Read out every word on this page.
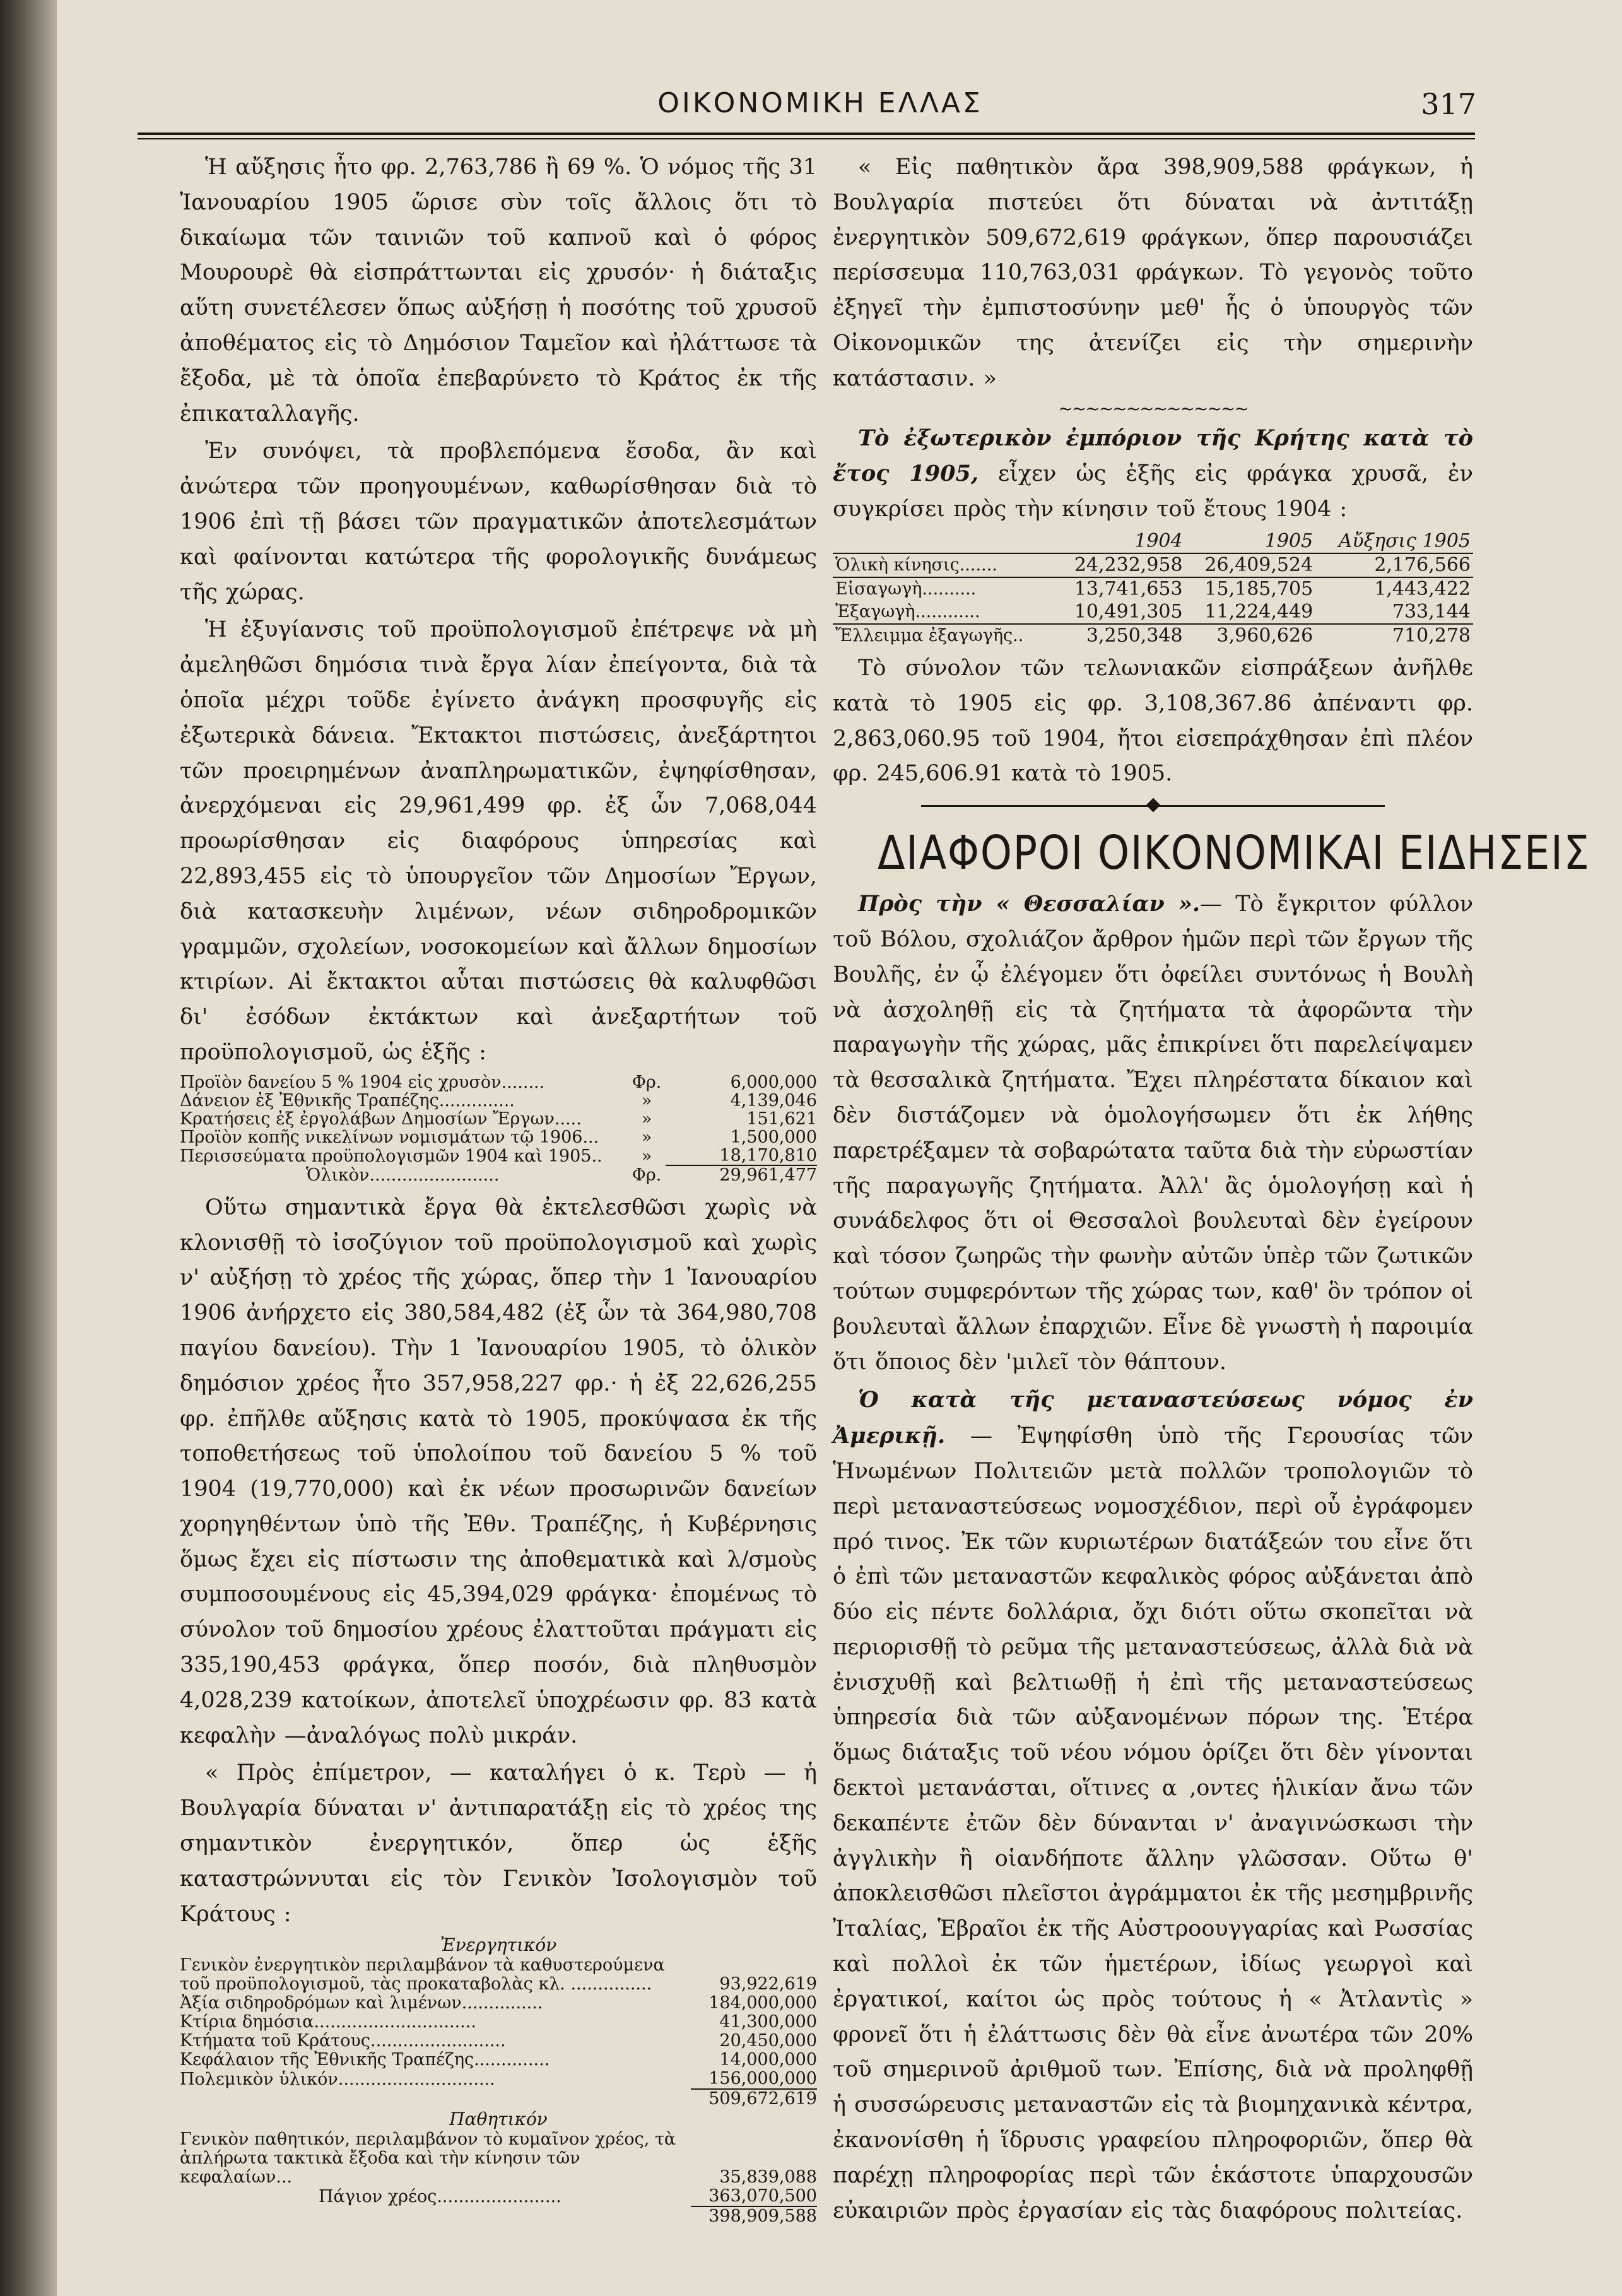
ΟΙΚΟΝΟΜΙΚΗ ΕΛΛΑΣ	317

Ἡ αὔξησις ἦτο φρ. 2,763,786 ἢ 69 %. Ὁ νόμος τῆς 31 Ἰανουαρίου 1905 ὥρισε σὺν τοῖς ἄλλοις ὅτι τὸ δικαίωμα τῶν ταινιῶν τοῦ καπνοῦ καὶ ὁ φόρος Μουρουρὲ θὰ εἰσπράττωνται εἰς χρυσόν· ἡ διάταξις αὕτη συνετέλεσεν ὅπως αὐξήσῃ ἡ ποσότης τοῦ χρυσοῦ ἀποθέματος εἰς τὸ Δημόσιον Ταμεῖον καὶ ἠλάττωσε τὰ ἔξοδα, μὲ τὰ ὁποῖα ἐπεβαρύνετο τὸ Κράτος ἐκ τῆς ἐπικαταλλαγῆς.

Ἐν συνόψει, τὰ προβλεπόμενα ἔσοδα, ἂν καὶ ἀνώτερα τῶν προηγουμένων, καθωρίσθησαν διὰ τὸ 1906 ἐπὶ τῇ βάσει τῶν πραγματικῶν ἀποτελεσμάτων καὶ φαίνονται κατώτερα τῆς φορολογικῆς δυνάμεως τῆς χώρας.

Ἡ ἐξυγίανσις τοῦ προϋπολογισμοῦ ἐπέτρεψε νὰ μὴ ἀμεληθῶσι δημόσια τινὰ ἔργα λίαν ἐπείγοντα, διὰ τὰ ὁποῖα μέχρι τοῦδε ἐγίνετο ἀνάγκη προσφυγῆς εἰς ἐξωτερικὰ δάνεια. Ἔκτακτοι πιστώσεις, ἀνεξάρτητοι τῶν προειρημένων ἀναπληρωματικῶν, ἐψηφίσθησαν, ἀνερχόμεναι εἰς 29,961,499 φρ. ἐξ ὧν 7,068,044 προωρίσθησαν εἰς διαφόρους ὑπηρεσίας καὶ 22,893,455 εἰς τὸ ὑπουργεῖον τῶν Δημοσίων Ἔργων, διὰ κατασκευὴν λιμένων, νέων σιδηροδρομικῶν γραμμῶν, σχολείων, νοσοκομείων καὶ ἄλλων δημοσίων κτιρίων. Αἱ ἔκτακτοι αὗται πιστώσεις θὰ καλυφθῶσι δι' ἐσόδων ἐκτάκτων καὶ ἀνεξαρτήτων τοῦ προϋπολογισμοῦ, ὡς ἑξῆς :

Προϊὸν δανείου 5 % 1904 εἰς χρυσὸν........	Φρ.	6,000,000
Δάνειον ἐξ Ἐθνικῆς Τραπέζης..............	»	4,139,046
Κρατήσεις ἐξ ἐργολάβων Δημοσίων Ἔργων.....	»	151,621
Προϊὸν κοπῆς νικελίνων νομισμάτων τῷ 1906...	»	1,500,000
Περισσεύματα προϋπολογισμῶν 1904 καὶ 1905..	»	18,170,810
Ὁλικὸν........................	Φρ.	29,961,477

Οὕτω σημαντικὰ ἔργα θὰ ἐκτελεσθῶσι χωρὶς νὰ κλονισθῇ τὸ ἰσοζύγιον τοῦ προϋπολογισμοῦ καὶ χωρὶς ν' αὐξήσῃ τὸ χρέος τῆς χώρας, ὅπερ τὴν 1 Ἰανουαρίου 1906 ἀνήρχετο εἰς 380,584,482 (ἐξ ὧν τὰ 364,980,708 παγίου δανείου). Τὴν 1 Ἰανουαρίου 1905, τὸ ὁλικὸν δημόσιον χρέος ἦτο 357,958,227 φρ.· ἡ ἐξ 22,626,255 φρ. ἐπῆλθε αὔξησις κατὰ τὸ 1905, προκύψασα ἐκ τῆς τοποθετήσεως τοῦ ὑπολοίπου τοῦ δανείου 5 % τοῦ 1904 (19,770,000) καὶ ἐκ νέων προσωρινῶν δανείων χορηγηθέντων ὑπὸ τῆς Ἐθν. Τραπέζης, ἡ Κυβέρνησις ὅμως ἔχει εἰς πίστωσιν της ἀποθεματικὰ καὶ λ/σμοὺς συμποσουμένους εἰς 45,394,029 φράγκα· ἐπομένως τὸ σύνολον τοῦ δημοσίου χρέους ἐλαττοῦται πράγματι εἰς 335,190,453 φράγκα, ὅπερ ποσόν, διὰ πληθυσμὸν 4,028,239 κατοίκων, ἀποτελεῖ ὑποχρέωσιν φρ. 83 κατὰ κεφαλὴν —ἀναλόγως πολὺ μικράν.

« Πρὸς ἐπίμετρον, — καταλήγει ὁ κ. Τερὺ — ἡ Βουλγαρία δύναται ν' ἀντιπαρατάξῃ εἰς τὸ χρέος της σημαντικὸν ἐνεργητικόν, ὅπερ ὡς ἑξῆς καταστρώννυται εἰς τὸν Γενικὸν Ἰσολογισμὸν τοῦ Κράτους :

Ἐνεργητικόν
Γενικὸν ἐνεργητικὸν περιλαμβάνον τὰ καθυστερούμενα τοῦ προϋπολογισμοῦ, τὰς προκαταβολὰς κλ. ...............	93,922,619
Ἀξία σιδηροδρόμων καὶ λιμένων...............	184,000,000
Κτίρια δημόσια..............................	41,300,000
Κτήματα τοῦ Κράτους.........................	20,450,000
Κεφάλαιον τῆς Ἐθνικῆς Τραπέζης..............	14,000,000
Πολεμικὸν ὑλικόν.............................	156,000,000
	509,672,619
Παθητικόν
Γενικὸν παθητικόν, περιλαμβάνον τὸ κυμαῖνον χρέος, τὰ ἀπλήρωτα τακτικὰ ἔξοδα καὶ τὴν κίνησιν τῶν κεφαλαίων...	35,839,088
Πάγιον χρέος.......................	363,070,500
	398,909,588

« Εἰς παθητικὸν ἄρα 398,909,588 φράγκων, ἡ Βουλγαρία πιστεύει ὅτι δύναται νὰ ἀντιτάξῃ ἐνεργητικὸν 509,672,619 φράγκων, ὅπερ παρουσιάζει περίσσευμα 110,763,031 φράγκων. Τὸ γεγονὸς τοῦτο ἐξηγεῖ τὴν ἐμπιστοσύνην μεθ' ἧς ὁ ὑπουργὸς τῶν Οἰκονομικῶν της ἀτενίζει εἰς τὴν σημερινὴν κατάστασιν. »

~~~~~~~~~~~~~~

Τὸ ἐξωτερικὸν ἐμπόριον τῆς Κρήτης κατὰ τὸ ἔτος 1905, εἶχεν ὡς ἑξῆς εἰς φράγκα χρυσᾶ, ἐν συγκρίσει πρὸς τὴν κίνησιν τοῦ ἔτους 1904 :

	1904	1905	Αὔξησις 1905
Ὁλικὴ κίνησις.......	24,232,958	26,409,524	2,176,566
Εἰσαγωγὴ..........	13,741,653	15,185,705	1,443,422
Ἐξαγωγὴ............	10,491,305	11,224,449	733,144
Ἔλλειμμα ἐξαγωγῆς..	3,250,348	3,960,626	710,278

Τὸ σύνολον τῶν τελωνιακῶν εἰσπράξεων ἀνῆλθε κατὰ τὸ 1905 εἰς φρ. 3,108,367.86 ἀπέναντι φρ. 2,863,060.95 τοῦ 1904, ἤτοι εἰσεπράχθησαν ἐπὶ πλέον φρ. 245,606.91 κατὰ τὸ 1905.

ΔΙΑΦΟΡΟΙ ΟΙΚΟΝΟΜΙΚΑΙ ΕΙΔΗΣΕΙΣ

Πρὸς τὴν « Θεσσαλίαν ».— Τὸ ἔγκριτον φύλλον τοῦ Βόλου, σχολιάζον ἄρθρον ἡμῶν περὶ τῶν ἔργων τῆς Βουλῆς, ἐν ᾧ ἐλέγομεν ὅτι ὀφείλει συντόνως ἡ Βουλὴ νὰ ἀσχοληθῇ εἰς τὰ ζητήματα τὰ ἀφορῶντα τὴν παραγωγὴν τῆς χώρας, μᾶς ἐπικρίνει ὅτι παρελείψαμεν τὰ θεσσαλικὰ ζητήματα. Ἔχει πληρέστατα δίκαιον καὶ δὲν διστάζομεν νὰ ὁμολογήσωμεν ὅτι ἐκ λήθης παρετρέξαμεν τὰ σοβαρώτατα ταῦτα διὰ τὴν εὐρωστίαν τῆς παραγωγῆς ζητήματα. Ἀλλ' ἂς ὁμολογήσῃ καὶ ἡ συνάδελφος ὅτι οἱ Θεσσαλοὶ βουλευταὶ δὲν ἐγείρουν καὶ τόσον ζωηρῶς τὴν φωνὴν αὐτῶν ὑπὲρ τῶν ζωτικῶν τούτων συμφερόντων τῆς χώρας των, καθ' ὃν τρόπον οἱ βουλευταὶ ἄλλων ἐπαρχιῶν. Εἶνε δὲ γνωστὴ ἡ παροιμία ὅτι ὅποιος δὲν 'μιλεῖ τὸν θάπτουν.

Ὁ κατὰ τῆς μεταναστεύσεως νόμος ἐν Ἀμερικῇ. — Ἐψηφίσθη ὑπὸ τῆς Γερουσίας τῶν Ἡνωμένων Πολιτειῶν μετὰ πολλῶν τροπολογιῶν τὸ περὶ μεταναστεύσεως νομοσχέδιον, περὶ οὗ ἐγράφομεν πρό τινος. Ἐκ τῶν κυριωτέρων διατάξεών του εἶνε ὅτι ὁ ἐπὶ τῶν μεταναστῶν κεφαλικὸς φόρος αὐξάνεται ἀπὸ δύο εἰς πέντε δολλάρια, ὄχι διότι οὕτω σκοπεῖται νὰ περιορισθῇ τὸ ρεῦμα τῆς μεταναστεύσεως, ἀλλὰ διὰ νὰ ἐνισχυθῇ καὶ βελτιωθῇ ἡ ἐπὶ τῆς μεταναστεύσεως ὑπηρεσία διὰ τῶν αὐξανομένων πόρων της. Ἑτέρα ὅμως διάταξις τοῦ νέου νόμου ὁρίζει ὅτι δὲν γίνονται δεκτοὶ μετανάσται, οἵτινες α ,οντες ἡλικίαν ἄνω τῶν δεκαπέντε ἐτῶν δὲν δύνανται ν' ἀναγινώσκωσι τὴν ἀγγλικὴν ἢ οἱανδήποτε ἄλλην γλῶσσαν. Οὕτω θ' ἀποκλεισθῶσι πλεῖστοι ἀγράμματοι ἐκ τῆς μεσημβρινῆς Ἰταλίας, Ἑβραῖοι ἐκ τῆς Αὐστροουγγαρίας καὶ Ρωσσίας καὶ πολλοὶ ἐκ τῶν ἡμετέρων, ἰδίως γεωργοὶ καὶ ἐργατικοί, καίτοι ὡς πρὸς τούτους ἡ « Ἀτλαντὶς » φρονεῖ ὅτι ἡ ἐλάττωσις δὲν θὰ εἶνε ἀνωτέρα τῶν 20% τοῦ σημερινοῦ ἀριθμοῦ των. Ἐπίσης, διὰ νὰ προληφθῇ ἡ συσσώρευσις μεταναστῶν εἰς τὰ βιομηχανικὰ κέντρα, ἐκανονίσθη ἡ ἵδρυσις γραφείου πληροφοριῶν, ὅπερ θὰ παρέχῃ πληροφορίας περὶ τῶν ἑκάστοτε ὑπαρχουσῶν εὐκαιριῶν πρὸς ἐργασίαν εἰς τὰς διαφόρους πολιτείας.
